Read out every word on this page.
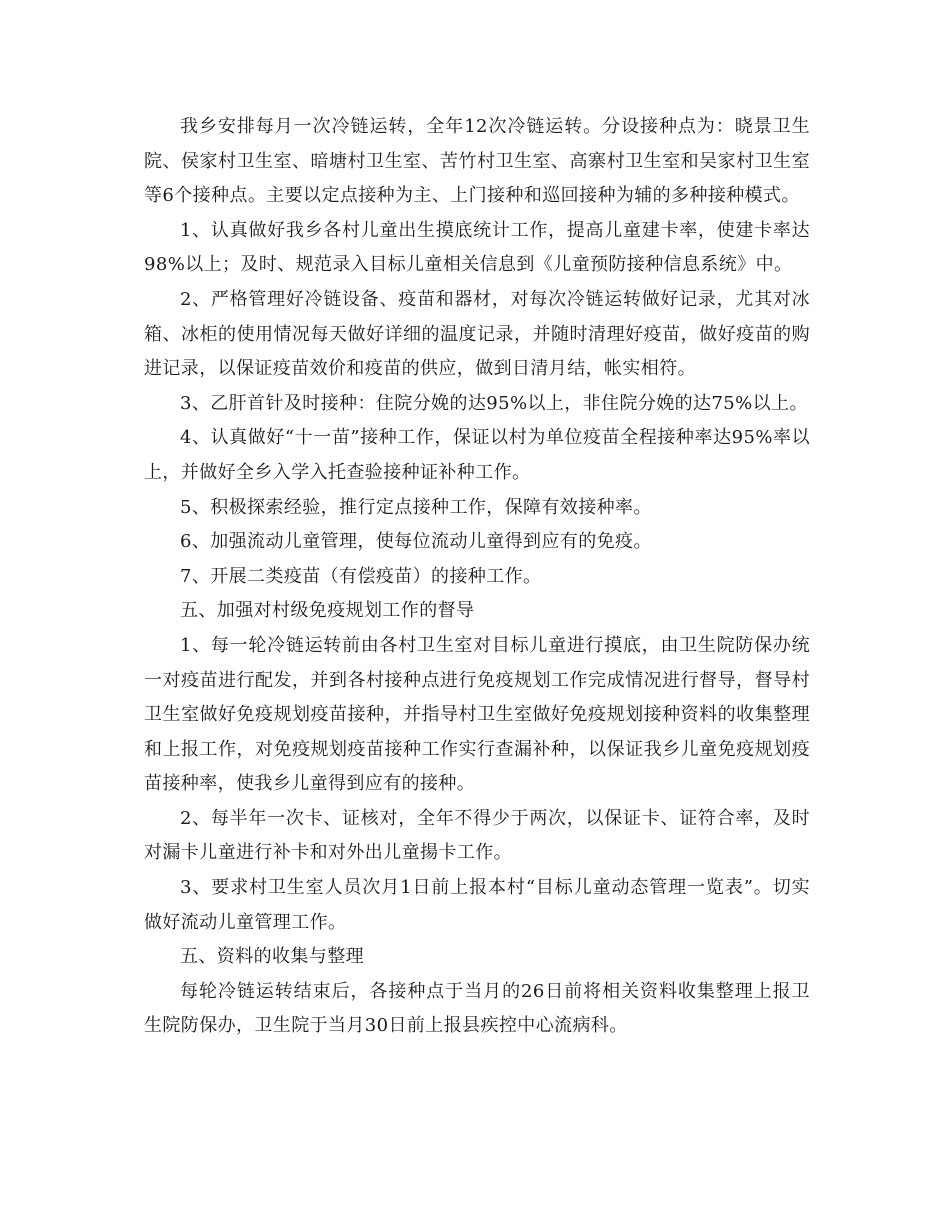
我乡安排每月一次冷链运转，全年12次冷链运转。分设接种点为：晓景卫生院、侯家村卫生室、暗塘村卫生室、苦竹村卫生室、高寨村卫生室和吴家村卫生室等6个接种点。主要以定点接种为主、上门接种和巡回接种为辅的多种接种模式。

1、认真做好我乡各村儿童出生摸底统计工作，提高儿童建卡率，使建卡率达98%以上；及时、规范录入目标儿童相关信息到《儿童预防接种信息系统》中。

2、严格管理好冷链设备、疫苗和器材，对每次冷链运转做好记录，尤其对冰箱、冰柜的使用情况每天做好详细的温度记录，并随时清理好疫苗，做好疫苗的购进记录，以保证疫苗效价和疫苗的供应，做到日清月结，帐实相符。

3、乙肝首针及时接种：住院分娩的达95%以上，非住院分娩的达75%以上。

4、认真做好“十一苗”接种工作，保证以村为单位疫苗全程接种率达95%率以上，并做好全乡入学入托查验接种证补种工作。

5、积极探索经验，推行定点接种工作，保障有效接种率。

6、加强流动儿童管理，使每位流动儿童得到应有的免疫。

7、开展二类疫苗（有偿疫苗）的接种工作。

五、加强对村级免疫规划工作的督导

1、每一轮冷链运转前由各村卫生室对目标儿童进行摸底，由卫生院防保办统一对疫苗进行配发，并到各村接种点进行免疫规划工作完成情况进行督导，督导村卫生室做好免疫规划疫苗接种，并指导村卫生室做好免疫规划接种资料的收集整理和上报工作，对免疫规划疫苗接种工作实行查漏补种，以保证我乡儿童免疫规划疫苗接种率，使我乡儿童得到应有的接种。

2、每半年一次卡、证核对，全年不得少于两次，以保证卡、证符合率，及时对漏卡儿童进行补卡和对外出儿童揚卡工作。

3、要求村卫生室人员次月1日前上报本村“目标儿童动态管理一览表”。切实做好流动儿童管理工作。

五、资料的收集与整理

每轮冷链运转结束后，各接种点于当月的26日前将相关资料收集整理上报卫生院防保办，卫生院于当月30日前上报县疾控中心流病科。
